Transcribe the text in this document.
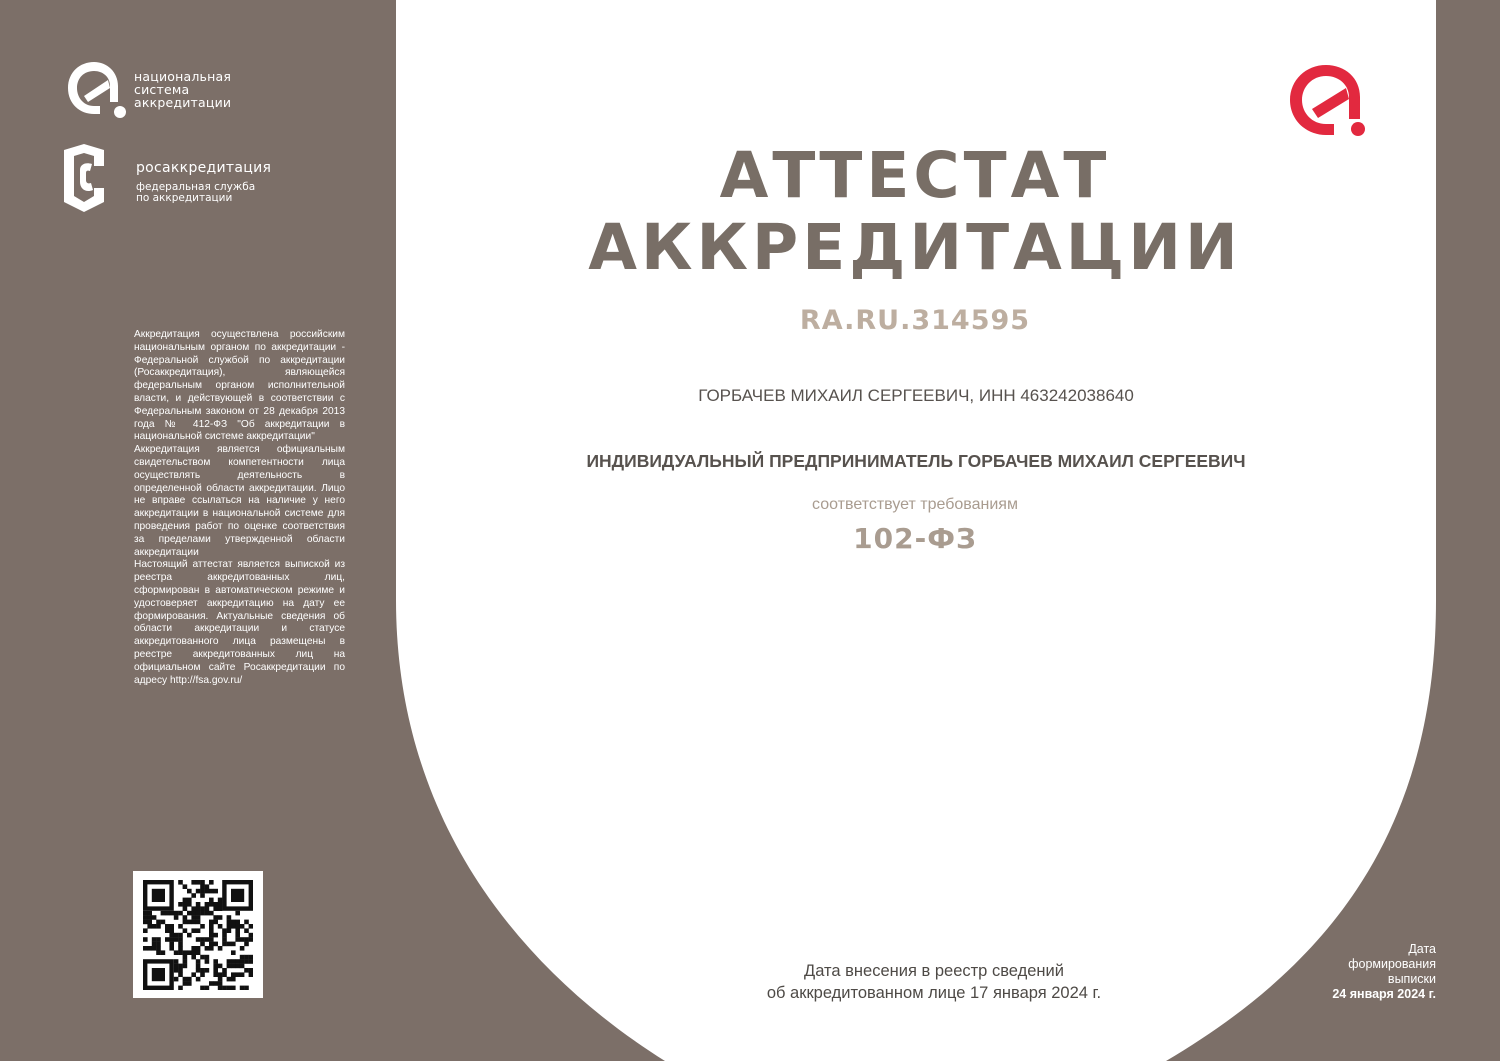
национальная
система
аккредитации
росаккредитация
федеральная служба
по аккредитации

Аккредитация осуществлена российским национальным органом по аккредитации - Федеральной службой по аккредитации (Росаккредитация), являющейся федеральным органом исполнительной власти, и действующей в соответствии с Федеральным законом от 28 декабря 2013 года № 412-ФЗ "Об аккредитации в национальной системе аккредитации"

Аккредитация является официальным свидетельством компетентности лица осуществлять деятельность в определенной области аккредитации. Лицо не вправе ссылаться на наличие у него аккредитации в национальной системе для проведения работ по оценке соответствия за пределами утвержденной области аккредитации

Настоящий аттестат является выпиской из реестра аккредитованных лиц, сформирован в автоматическом режиме и удостоверяет аккредитацию на дату ее формирования. Актуальные сведения об области аккредитации и статусе аккредитованного лица размещены в реестре аккредитованных лиц на официальном сайте Росаккредитации по адресу http://fsa.gov.ru/

АТТЕСТАТ
АККРЕДИТАЦИИ
RA.RU.314595
ГОРБАЧЕВ МИХАИЛ СЕРГЕЕВИЧ, ИНН 463242038640
ИНДИВИДУАЛЬНЫЙ ПРЕДПРИНИМАТЕЛЬ ГОРБАЧЕВ МИХАИЛ СЕРГЕЕВИЧ
соответствует требованиям
102-ФЗ
Дата внесения в реестр сведений
об аккредитованном лице 17 января 2024 г.
Дата
формирования
выписки
24 января 2024 г.
